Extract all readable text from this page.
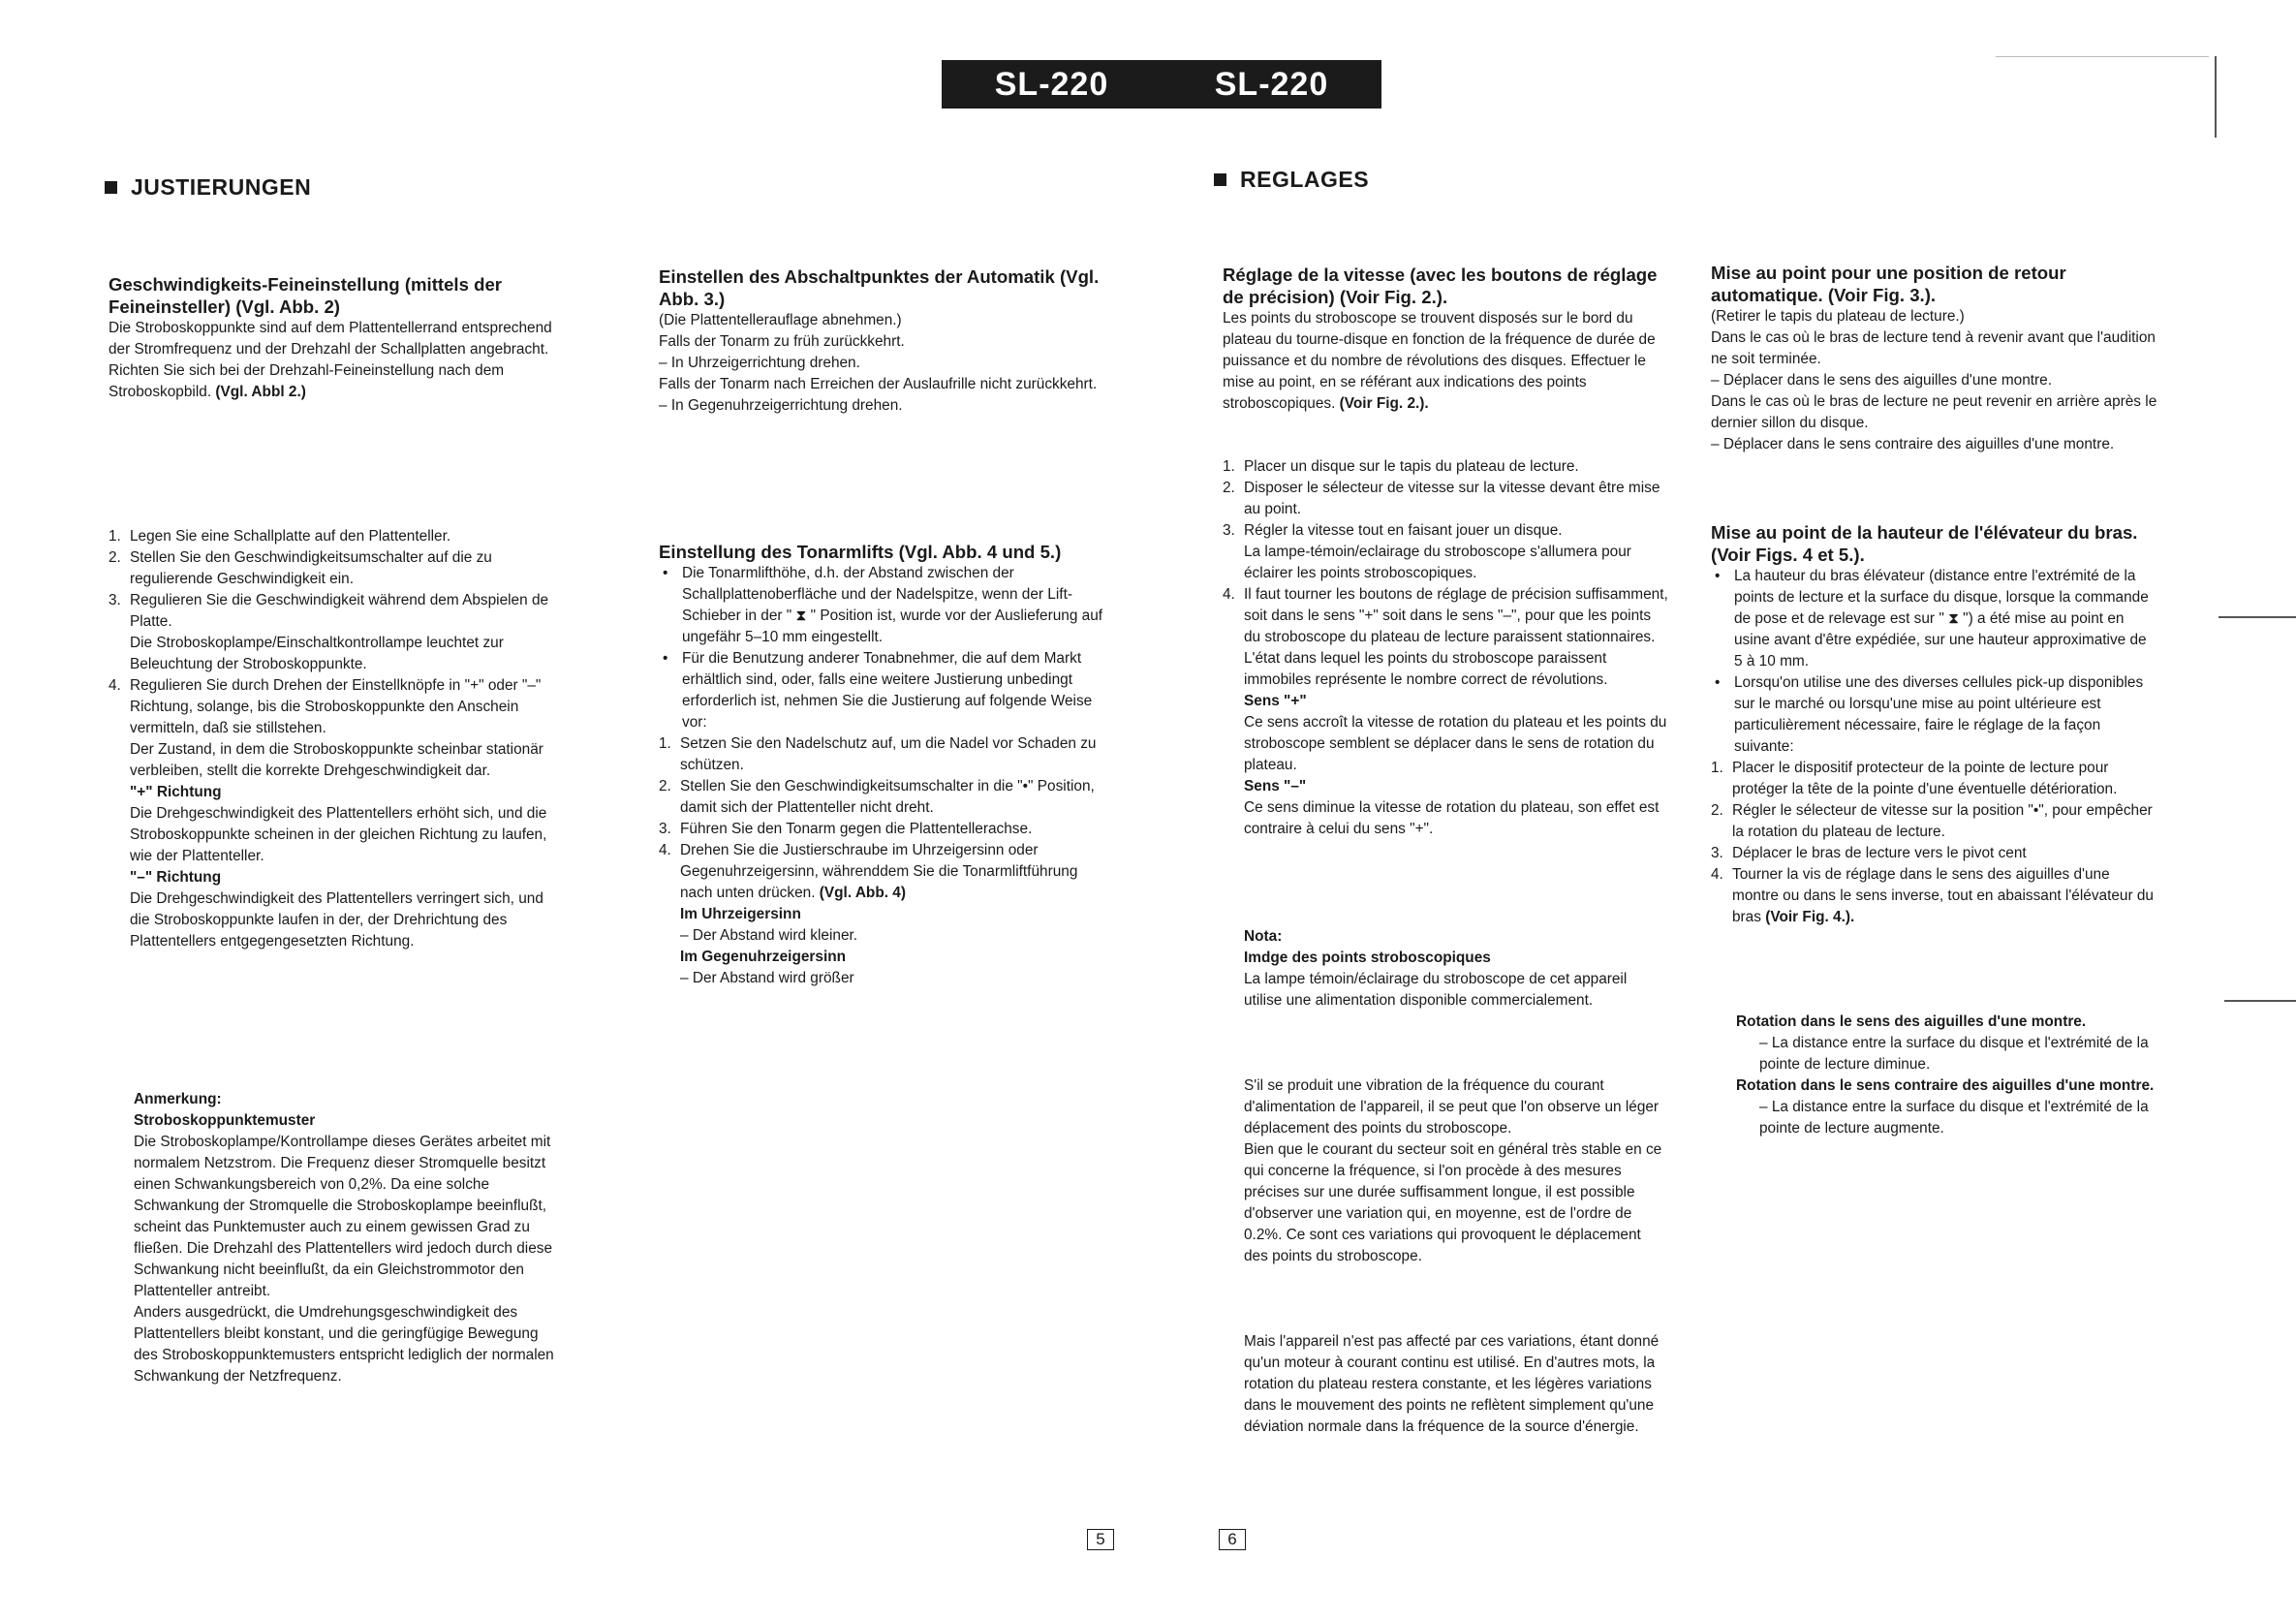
SL-220	SL-220
JUSTIERUNGEN	REGLAGES

Geschwindigkeits-Feineinstellung (mittels der Feineinsteller) (Vgl. Abb. 2)

Die Stroboskoppunkte sind auf dem Plattentellerrand entsprechend der Stromfrequenz und der Drehzahl der Schallplatten angebracht. Richten Sie sich bei der Drehzahl-Feineinstellung nach dem Stroboskopbild. (Vgl. Abbl 2.)

1. Legen Sie eine Schallplatte auf den Plattenteller.
2. Stellen Sie den Geschwindigkeitsumschalter auf die zu regulierende Geschwindigkeit ein.
3. Regulieren Sie die Geschwindigkeit während dem Abspielen de Platte.
Die Stroboskoplampe/Einschaltkontrollampe leuchtet zur Beleuchtung der Stroboskoppunkte.
4. Regulieren Sie durch Drehen der Einstellknöpfe in "+" oder "–" Richtung, solange, bis die Stroboskoppunkte den Anschein vermitteln, daß sie stillstehen.
Der Zustand, in dem die Stroboskoppunkte scheinbar stationär verbleiben, stellt die korrekte Drehgeschwindigkeit dar.
"+" Richtung
Die Drehgeschwindigkeit des Plattentellers erhöht sich, und die Stroboskoppunkte scheinen in der gleichen Richtung zu laufen, wie der Plattenteller.
"–" Richtung
Die Drehgeschwindigkeit des Plattentellers verringert sich, und die Stroboskoppunkte laufen in der, der Drehrichtung des Plattentellers entgegengesetzten Richtung.

Anmerkung:

Stroboskoppunktemuster

Die Stroboskoplampe/Kontrollampe dieses Gerätes arbeitet mit normalem Netzstrom. Die Frequenz dieser Stromquelle besitzt einen Schwankungsbereich von 0,2%. Da eine solche Schwankung der Stromquelle die Stroboskoplampe beeinflußt, scheint das Punktemuster auch zu einem gewissen Grad zu fließen. Die Drehzahl des Plattentellers wird jedoch durch diese Schwankung nicht beeinflußt, da ein Gleichstrommotor den Plattenteller antreibt.

Anders ausgedrückt, die Umdrehungsgeschwindigkeit des Plattentellers bleibt konstant, und die geringfügige Bewegung des Stroboskoppunktemusters entspricht lediglich der normalen Schwankung der Netzfrequenz.

Einstellen des Abschaltpunktes der Automatik (Vgl. Abb. 3.)

(Die Plattentellerauflage abnehmen.)

Falls der Tonarm zu früh zurückkehrt.

– In Uhrzeigerrichtung drehen.

Falls der Tonarm nach Erreichen der Auslaufrille nicht zurückkehrt.

– In Gegenuhrzeigerrichtung drehen.

Einstellung des Tonarmlifts (Vgl. Abb. 4 und 5.)

• Die Tonarmlifthöhe, d.h. der Abstand zwischen der Schallplattenoberfläche und der Nadelspitze, wenn der Lift-Schieber in der " ⧗ " Position ist, wurde vor der Auslieferung auf ungefähr 5–10 mm eingestellt.
• Für die Benutzung anderer Tonabnehmer, die auf dem Markt erhältlich sind, oder, falls eine weitere Justierung unbedingt erforderlich ist, nehmen Sie die Justierung auf folgende Weise vor:
1. Setzen Sie den Nadelschutz auf, um die Nadel vor Schaden zu schützen.
2. Stellen Sie den Geschwindigkeitsumschalter in die "•" Position, damit sich der Plattenteller nicht dreht.
3. Führen Sie den Tonarm gegen die Plattentellerachse.
4. Drehen Sie die Justierschraube im Uhrzeigersinn oder Gegenuhrzeigersinn, währenddem Sie die Tonarmliftführung nach unten drücken. (Vgl. Abb. 4)
Im Uhrzeigersinn
– Der Abstand wird kleiner.
Im Gegenuhrzeigersinn
– Der Abstand wird größer

Réglage de la vitesse (avec les boutons de réglage de précision) (Voir Fig. 2.).

Les points du stroboscope se trouvent disposés sur le bord du plateau du tourne-disque en fonction de la fréquence de durée de puissance et du nombre de révolutions des disques. Effectuer le mise au point, en se référant aux indications des points stroboscopiques. (Voir Fig. 2.).

1. Placer un disque sur le tapis du plateau de lecture.
2. Disposer le sélecteur de vitesse sur la vitesse devant être mise au point.
3. Régler la vitesse tout en faisant jouer un disque.
La lampe-témoin/eclairage du stroboscope s'allumera pour éclairer les points stroboscopiques.
4. Il faut tourner les boutons de réglage de précision suffisamment, soit dans le sens "+" soit dans le sens "–", pour que les points du stroboscope du plateau de lecture paraissent stationnaires.
L'état dans lequel les points du stroboscope paraissent immobiles représente le nombre correct de révolutions.
Sens "+"
Ce sens accroît la vitesse de rotation du plateau et les points du stroboscope semblent se déplacer dans le sens de rotation du plateau.
Sens "–"
Ce sens diminue la vitesse de rotation du plateau, son effet est contraire à celui du sens "+".

Nota:

Imdge des points stroboscopiques

La lampe témoin/éclairage du stroboscope de cet appareil utilise une alimentation disponible commercialement.

S'il se produit une vibration de la fréquence du courant d'alimentation de l'appareil, il se peut que l'on observe un léger déplacement des points du stroboscope.

Bien que le courant du secteur soit en général très stable en ce qui concerne la fréquence, si l'on procède à des mesures précises sur une durée suffisamment longue, il est possible d'observer une variation qui, en moyenne, est de l'ordre de 0.2%. Ce sont ces variations qui provoquent le déplacement des points du stroboscope.

Mais l'appareil n'est pas affecté par ces variations, étant donné qu'un moteur à courant continu est utilisé. En d'autres mots, la rotation du plateau restera constante, et les légères variations dans le mouvement des points ne reflètent simplement qu'une déviation normale dans la fréquence de la source d'énergie.

Mise au point pour une position de retour automatique. (Voir Fig. 3.).

(Retirer le tapis du plateau de lecture.)

Dans le cas où le bras de lecture tend à revenir avant que l'audition ne soit terminée.

– Déplacer dans le sens des aiguilles d'une montre.

Dans le cas où le bras de lecture ne peut revenir en arrière après le dernier sillon du disque.

– Déplacer dans le sens contraire des aiguilles d'une montre.

Mise au point de la hauteur de l'élévateur du bras. (Voir Figs. 4 et 5.).

• La hauteur du bras élévateur (distance entre l'extrémité de la points de lecture et la surface du disque, lorsque la commande de pose et de relevage est sur " ⧗ ") a été mise au point en usine avant d'être expédiée, sur une hauteur approximative de 5 à 10 mm.
• Lorsqu'on utilise une des diverses cellules pick-up disponibles sur le marché ou lorsqu'une mise au point ultérieure est particulièrement nécessaire, faire le réglage de la façon suivante:
1. Placer le dispositif protecteur de la pointe de lecture pour protéger la tête de la pointe d'une éventuelle détérioration.
2. Régler le sélecteur de vitesse sur la position "•", pour empêcher la rotation du plateau de lecture.
3. Déplacer le bras de lecture vers le pivot cent
4. Tourner la vis de réglage dans le sens des aiguilles d'une montre ou dans le sens inverse, tout en abaissant l'élévateur du bras (Voir Fig. 4.).

Rotation dans le sens des aiguilles d'une montre.

– La distance entre la surface du disque et l'extrémité de la pointe de lecture diminue.

Rotation dans le sens contraire des aiguilles d'une montre.

– La distance entre la surface du disque et l'extrémité de la pointe de lecture augmente.

5	6
